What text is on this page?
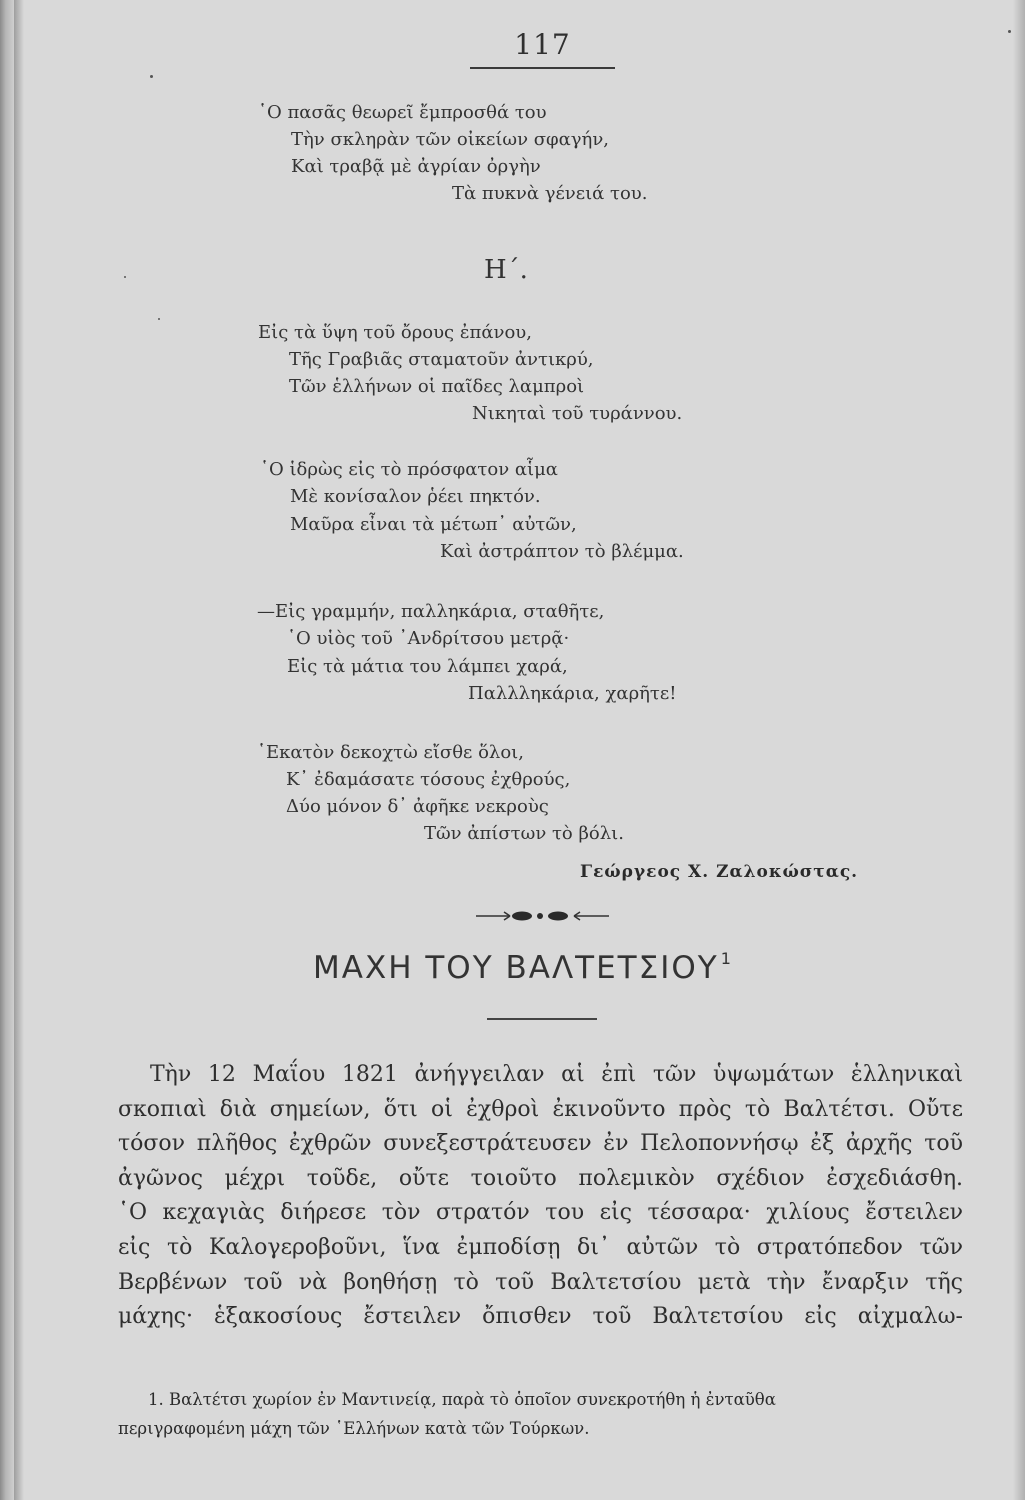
117
῾Ο πασᾶς θεωρεῖ ἔμπροσθά του
Τὴν σκληρὰν τῶν οἰκείων σφαγήν,
Καὶ τραβᾷ μὲ ἀγρίαν ὀργὴν
Τὰ πυκνὰ γένειά του.
Η΄.
Εἰς τὰ ὕψη τοῦ ὄρους ἐπάνου,
Τῆς Γραβιᾶς σταματοῦν ἀντικρύ,
Τῶν ἑλλήνων οἱ παῖδες λαμπροὶ
Νικηταὶ τοῦ τυράννου.
῾Ο ἱδρὼς εἰς τὸ πρόσφατον αἷμα
Μὲ κονίσαλον ῥέει πηκτόν.
Μαῦρα εἶναι τὰ μέτωπ᾽ αὐτῶν,
Καὶ ἀστράπτον τὸ βλέμμα.
—Εἰς γραμμήν, παλληκάρια, σταθῆτε,
῾Ο υἱὸς τοῦ ᾽Ανδρίτσου μετρᾷ·
Εἰς τὰ μάτια του λάμπει χαρά,
Παλλληκάρια, χαρῆτε!
῾Εκατὸν δεκοχτὼ εἴσθε ὅλοι,
Κ᾽ ἐδαμάσατε τόσους ἐχθρούς,
Δύο μόνον δ᾽ ἀφῆκε νεκροὺς
Τῶν ἀπίστων τὸ βόλι.
Γεώργεος Χ. Ζαλοκώστας.
ΜΑΧΗ ΤΟΥ ΒΑΛΤΕΤΣΙΟΥ $^1$

Τὴν 12 Μαΐου 1821 ἀνήγγειλαν αἱ ἐπὶ τῶν ὑψωμάτων ἑλληνικαὶ

σκοπιαὶ διὰ σημείων, ὅτι οἱ ἐχθροὶ ἐκινοῦντο πρὸς τὸ Βαλτέτσι. Οὔτε

τόσον πλῆθος ἐχθρῶν συνεξεστράτευσεν ἐν Πελοποννήσῳ ἐξ ἀρχῆς τοῦ

ἀγῶνος μέχρι τοῦδε, οὔτε τοιοῦτο πολεμικὸν σχέδιον ἐσχεδιάσθη.

῾Ο κεχαγιὰς διήρεσε τὸν στρατόν του εἰς τέσσαρα· χιλίους ἔστειλεν

εἰς τὸ Καλογεροβοῦνι, ἵνα ἐμποδίσῃ δι᾽ αὐτῶν τὸ στρατόπεδον τῶν

Βερβένων τοῦ νὰ βοηθήσῃ τὸ τοῦ Βαλτετσίου μετὰ τὴν ἔναρξιν τῆς

μάχης· ἑξακοσίους ἔστειλεν ὄπισθεν τοῦ Βαλτετσίου εἰς αἰχμαλω-

1. Βαλτέτσι χωρίον ἐν Μαντινείᾳ, παρὰ τὸ ὁποῖον συνεκροτήθη ἡ ἐνταῦθα

περιγραφομένη μάχη τῶν ῾Ελλήνων κατὰ τῶν Τούρκων.
